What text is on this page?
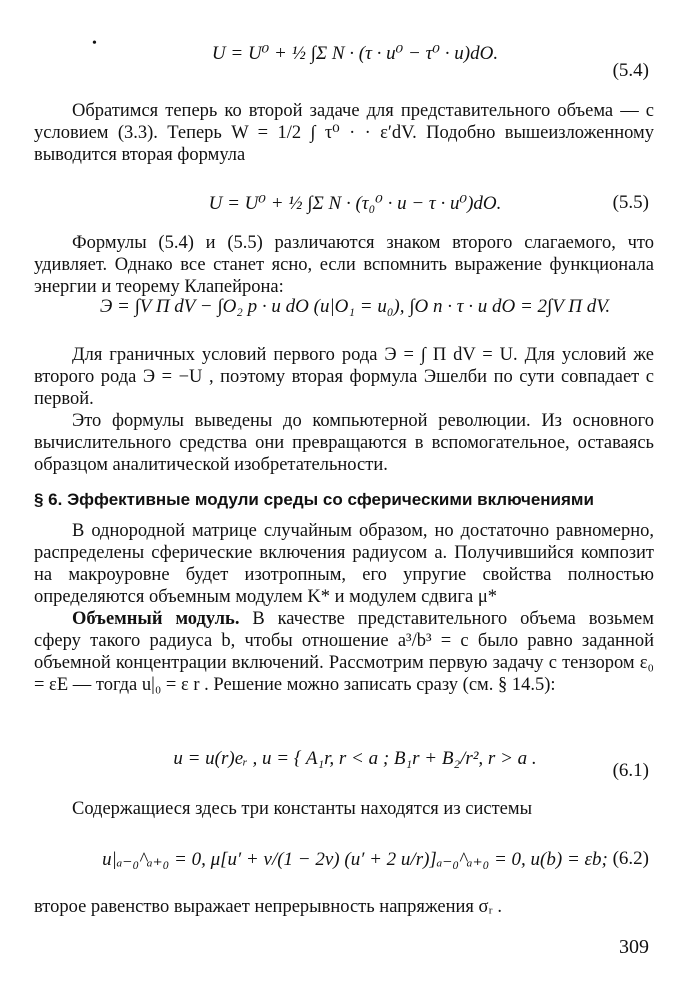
•	U = U⁰ + ½ ∫Σ N · (τ · u⁰ − τ⁰ · u)dO.
(5.4)
Обратимся теперь ко второй задаче для представительного объема — с условием (3.3). Теперь W = 1/2 ∫ τ⁰ · · ε′dV. Подобно вышеизложенному выводится вторая формула
U = U⁰ + ½ ∫Σ N · (τ₀⁰ · u − τ · u⁰)dO.	(5.5)
Формулы (5.4) и (5.5) различаются знаком второго слагаемого, что удивляет. Однако все станет ясно, если вспомнить выражение функционала энергии и теорему Клапейрона:
Э = ∫V Π dV − ∫O₂ p · u dO (u|O₁ = u₀), ∫O n · τ · u dO = 2∫V Π dV.
Для граничных условий первого рода Э = ∫ Π dV = U. Для условий же второго рода Э = −U , поэтому вторая формула Эшелби по сути совпадает с первой.
Это формулы выведены до компьютерной революции. Из основного вычислительного средства они превращаются в вспомогательное, оставаясь образцом аналитической изобретательности.
§ 6. Эффективные модули среды со сферическими включениями
В однородной матрице случайным образом, но достаточно равномерно, распределены сферические включения радиусом a. Получившийся композит на макроуровне будет изотропным, его упругие свойства полностью определяются объемным модулем K* и модулем сдвига μ*
Объемный модуль. В качестве представительного объема возьмем сферу такого радиуса b, чтобы отношение a³/b³ = c было равно заданной объемной концентрации включений. Рассмотрим первую задачу с тензором ε₀ = εE — тогда u|₀ = ε r . Решение можно записать сразу (см. § 14.5):
u = u(r)eᵣ , u = { A₁r, r < a ; B₁r + B₂/r², r > a .
(6.1)
Содержащиеся здесь три константы находятся из системы
u|ₐ₋₀^ₐ₊₀ = 0, μ[u′ + ν/(1 − 2ν) (u′ + 2 u/r)]ₐ₋₀^ₐ₊₀ = 0, u(b) = εb; (6.2)
второе равенство выражает непрерывность напряжения σᵣ .
309
